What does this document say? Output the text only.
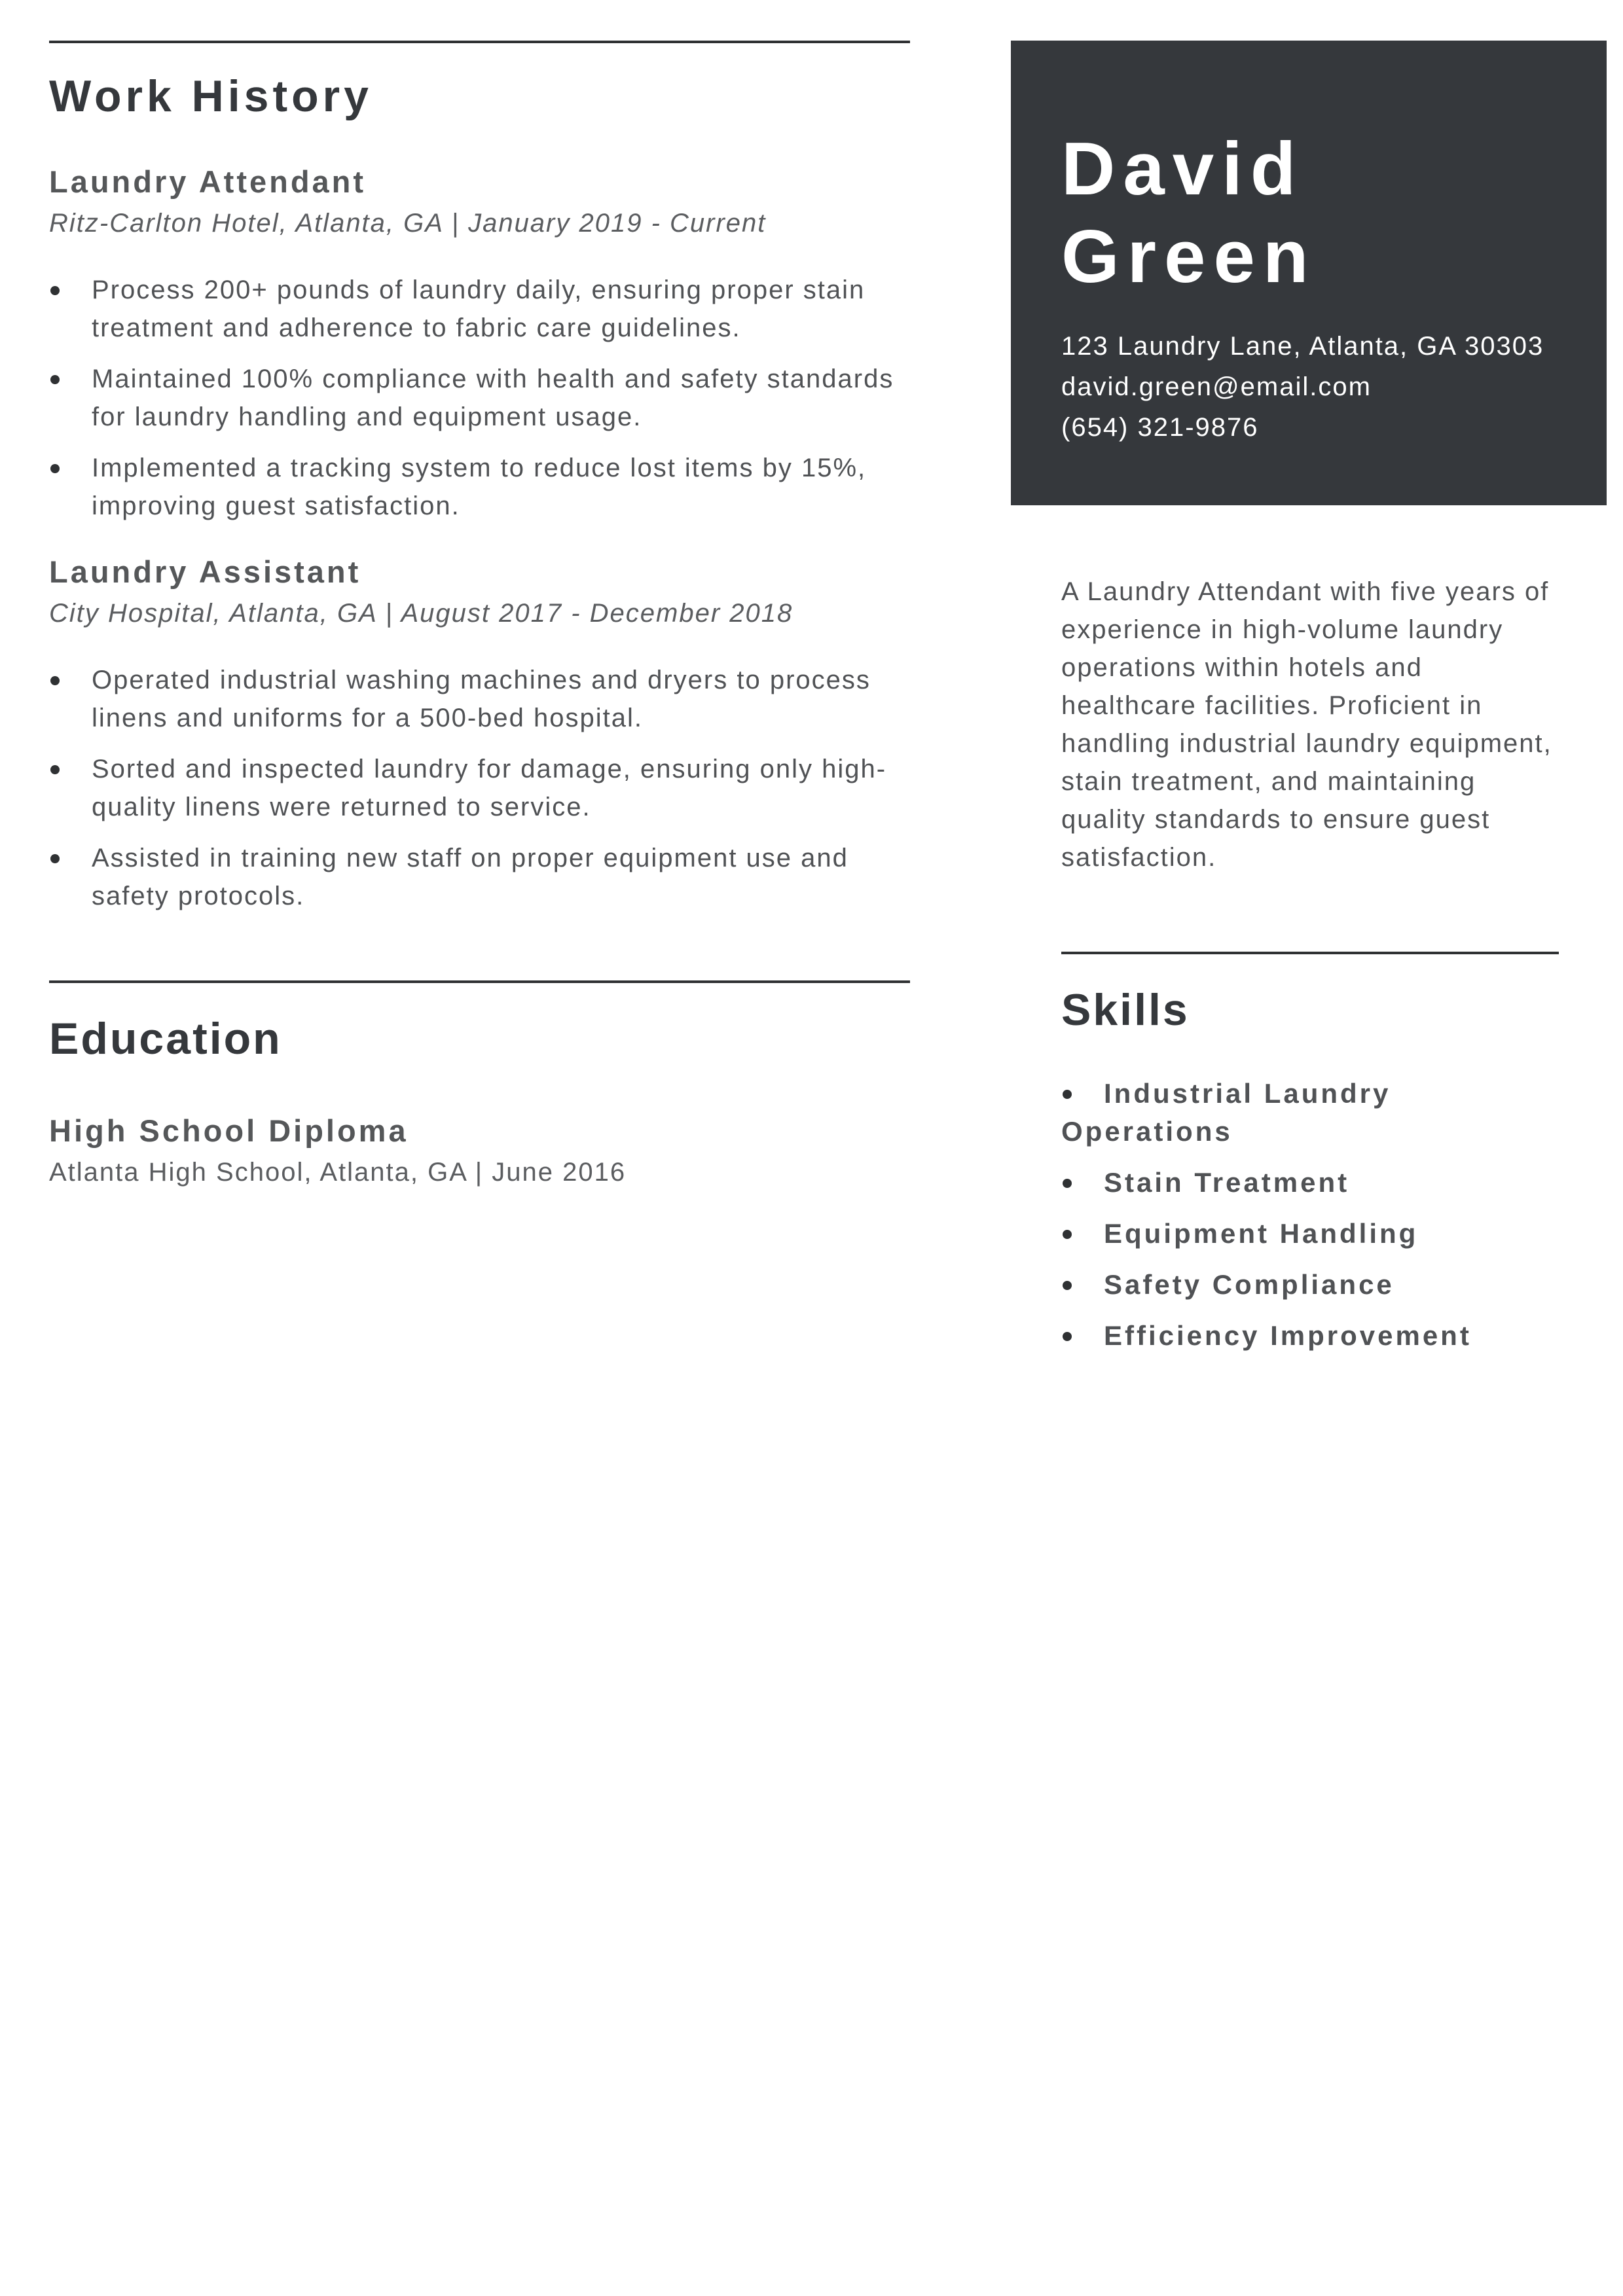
Work History
Laundry Attendant
Ritz-Carlton Hotel, Atlanta, GA | January 2019 - Current
Process 200+ pounds of laundry daily, ensuring proper stain treatment and adherence to fabric care guidelines.
Maintained 100% compliance with health and safety standards for laundry handling and equipment usage.
Implemented a tracking system to reduce lost items by 15%, improving guest satisfaction.
Laundry Assistant
City Hospital, Atlanta, GA | August 2017 - December 2018
Operated industrial washing machines and dryers to process linens and uniforms for a 500-bed hospital.
Sorted and inspected laundry for damage, ensuring only high-quality linens were returned to service.
Assisted in training new staff on proper equipment use and safety protocols.
Education
High School Diploma
Atlanta High School, Atlanta, GA | June 2016
David
Green
123 Laundry Lane, Atlanta, GA 30303
david.green@email.com
(654) 321-9876

A Laundry Attendant with five years of experience in high-volume laundry operations within hotels and healthcare facilities. Proficient in handling industrial laundry equipment, stain treatment, and maintaining quality standards to ensure guest satisfaction.

Skills
Industrial Laundry Operations
Stain Treatment
Equipment Handling
Safety Compliance
Efficiency Improvement
